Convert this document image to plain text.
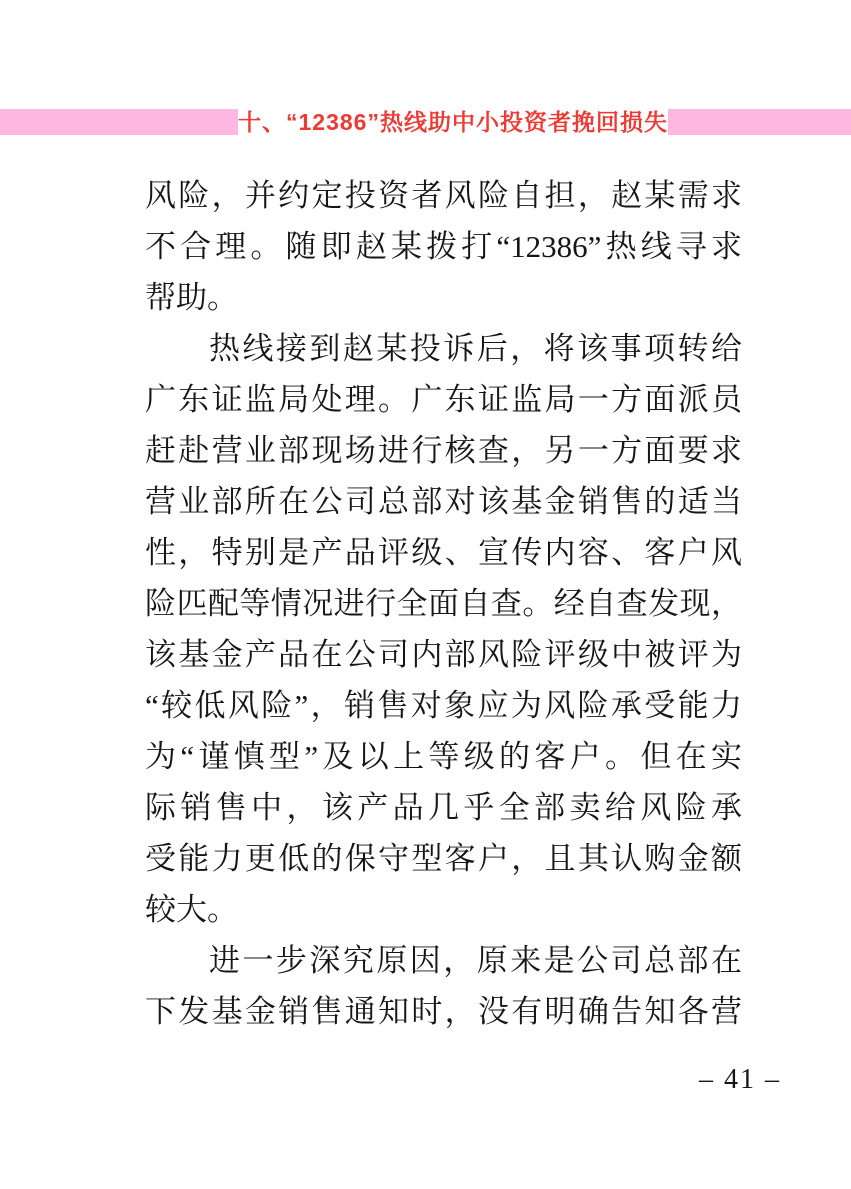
十、“12386”热线助中小投资者挽回损失
风险，并约定投资者风险自担，赵某需求
不合理。随即赵某拨打“12386”热线寻求
帮助。
热线接到赵某投诉后，将该事项转给
广东证监局处理。广东证监局一方面派员
赶赴营业部现场进行核查，另一方面要求
营业部所在公司总部对该基金销售的适当
性，特别是产品评级、宣传内容、客户风
险匹配等情况进行全面自查。经自查发现，
该基金产品在公司内部风险评级中被评为
“较低风险”，销售对象应为风险承受能力
为“谨慎型”及以上等级的客户。但在实
际销售中，该产品几乎全部卖给风险承
受能力更低的保守型客户，且其认购金额
较大。
进一步深究原因，原来是公司总部在
下发基金销售通知时，没有明确告知各营
– 41 –
